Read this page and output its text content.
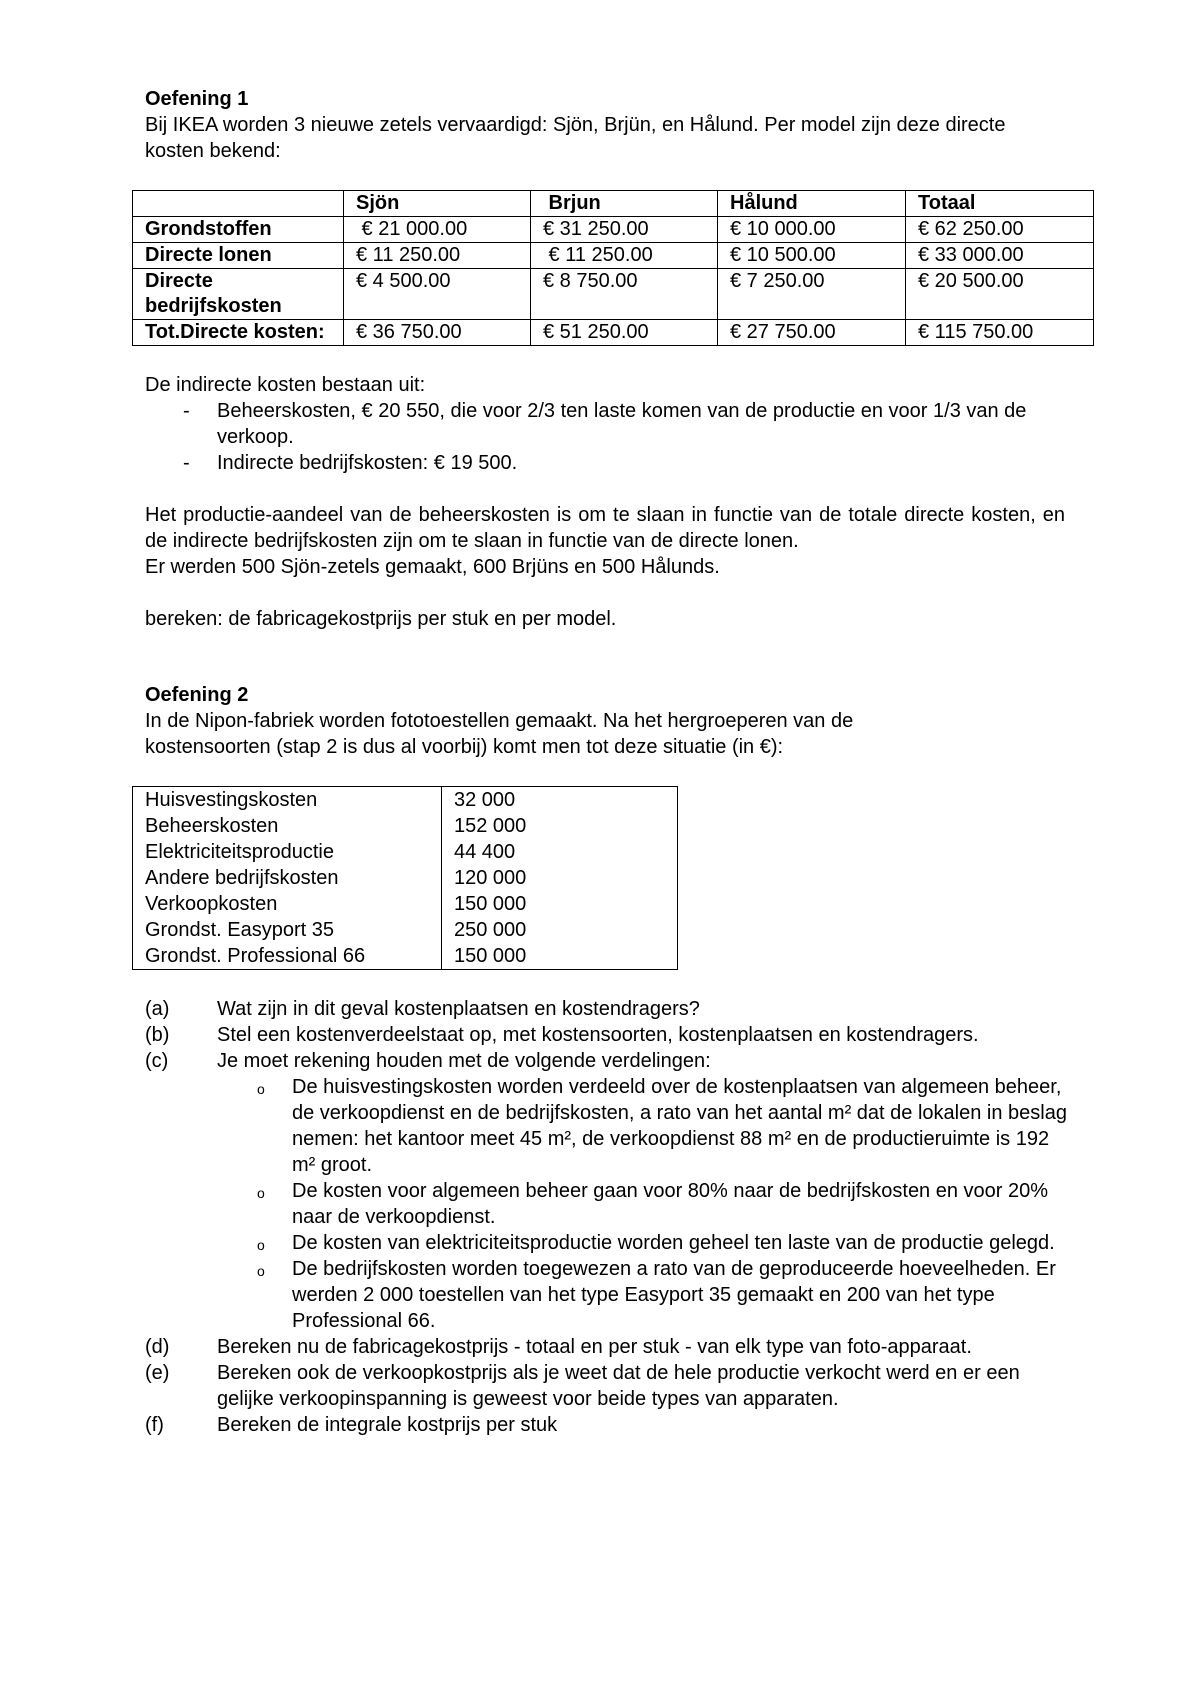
Oefening 1

Bij IKEA worden 3 nieuwe zetels vervaardigd: Sjön, Brjün, en Hålund. Per model zijn deze directe

kosten bekend:

	Sjön	Brjun	Hålund	Totaal
Grondstoffen	€ 21 000.00	€ 31 250.00	€ 10 000.00	€ 62 250.00
Directe lonen	€ 11 250.00	€ 11 250.00	€ 10 500.00	€ 33 000.00
Directe bedrijfskosten	€ 4 500.00	€ 8 750.00	€ 7 250.00	€ 20 500.00
Tot.Directe kosten:	€ 36 750.00	€ 51 250.00	€ 27 750.00	€ 115 750.00

De indirecte kosten bestaan uit:

- Beheerskosten, € 20 550, die voor 2/3 ten laste komen van de productie en voor 1/3 van de verkoop.
- Indirecte bedrijfskosten: € 19 500.

Het productie-aandeel van de beheerskosten is om te slaan in functie van de totale directe kosten, en de indirecte bedrijfskosten zijn om te slaan in functie van de directe lonen.

Er werden 500 Sjön-zetels gemaakt, 600 Brjüns en 500 Hålunds.

bereken: de fabricagekostprijs per stuk en per model.

Oefening 2

In de Nipon-fabriek worden fototoestellen gemaakt. Na het hergroeperen van de kostensoorten (stap 2 is dus al voorbij) komt men tot deze situatie (in €):

Huisvestingskosten	32 000
Beheerskosten	152 000
Elektriciteitsproductie	44 400
Andere bedrijfskosten	120 000
Verkoopkosten	150 000
Grondst. Easyport 35	250 000
Grondst. Professional 66	150 000
(a) Wat zijn in dit geval kostenplaatsen en kostendragers?
(b) Stel een kostenverdeelstaat op, met kostensoorten, kostenplaatsen en kostendragers.
(c) Je moet rekening houden met de volgende verdelingen:
o De huisvestingskosten worden verdeeld over de kostenplaatsen van algemeen beheer, de verkoopdienst en de bedrijfskosten, a rato van het aantal m² dat de lokalen in beslag nemen: het kantoor meet 45 m², de verkoopdienst 88 m² en de productieruimte is 192 m² groot.
o De kosten voor algemeen beheer gaan voor 80% naar de bedrijfskosten en voor 20% naar de verkoopdienst.
o De kosten van elektriciteitsproductie worden geheel ten laste van de productie gelegd.
o De bedrijfskosten worden toegewezen a rato van de geproduceerde hoeveelheden. Er werden 2 000 toestellen van het type Easyport 35 gemaakt en 200 van het type Professional 66.
(d) Bereken nu de fabricagekostprijs - totaal en per stuk - van elk type van foto-apparaat.
(e) Bereken ook de verkoopkostprijs als je weet dat de hele productie verkocht werd en er een gelijke verkoopinspanning is geweest voor beide types van apparaten.
(f)	Bereken de integrale kostprijs per stuk
